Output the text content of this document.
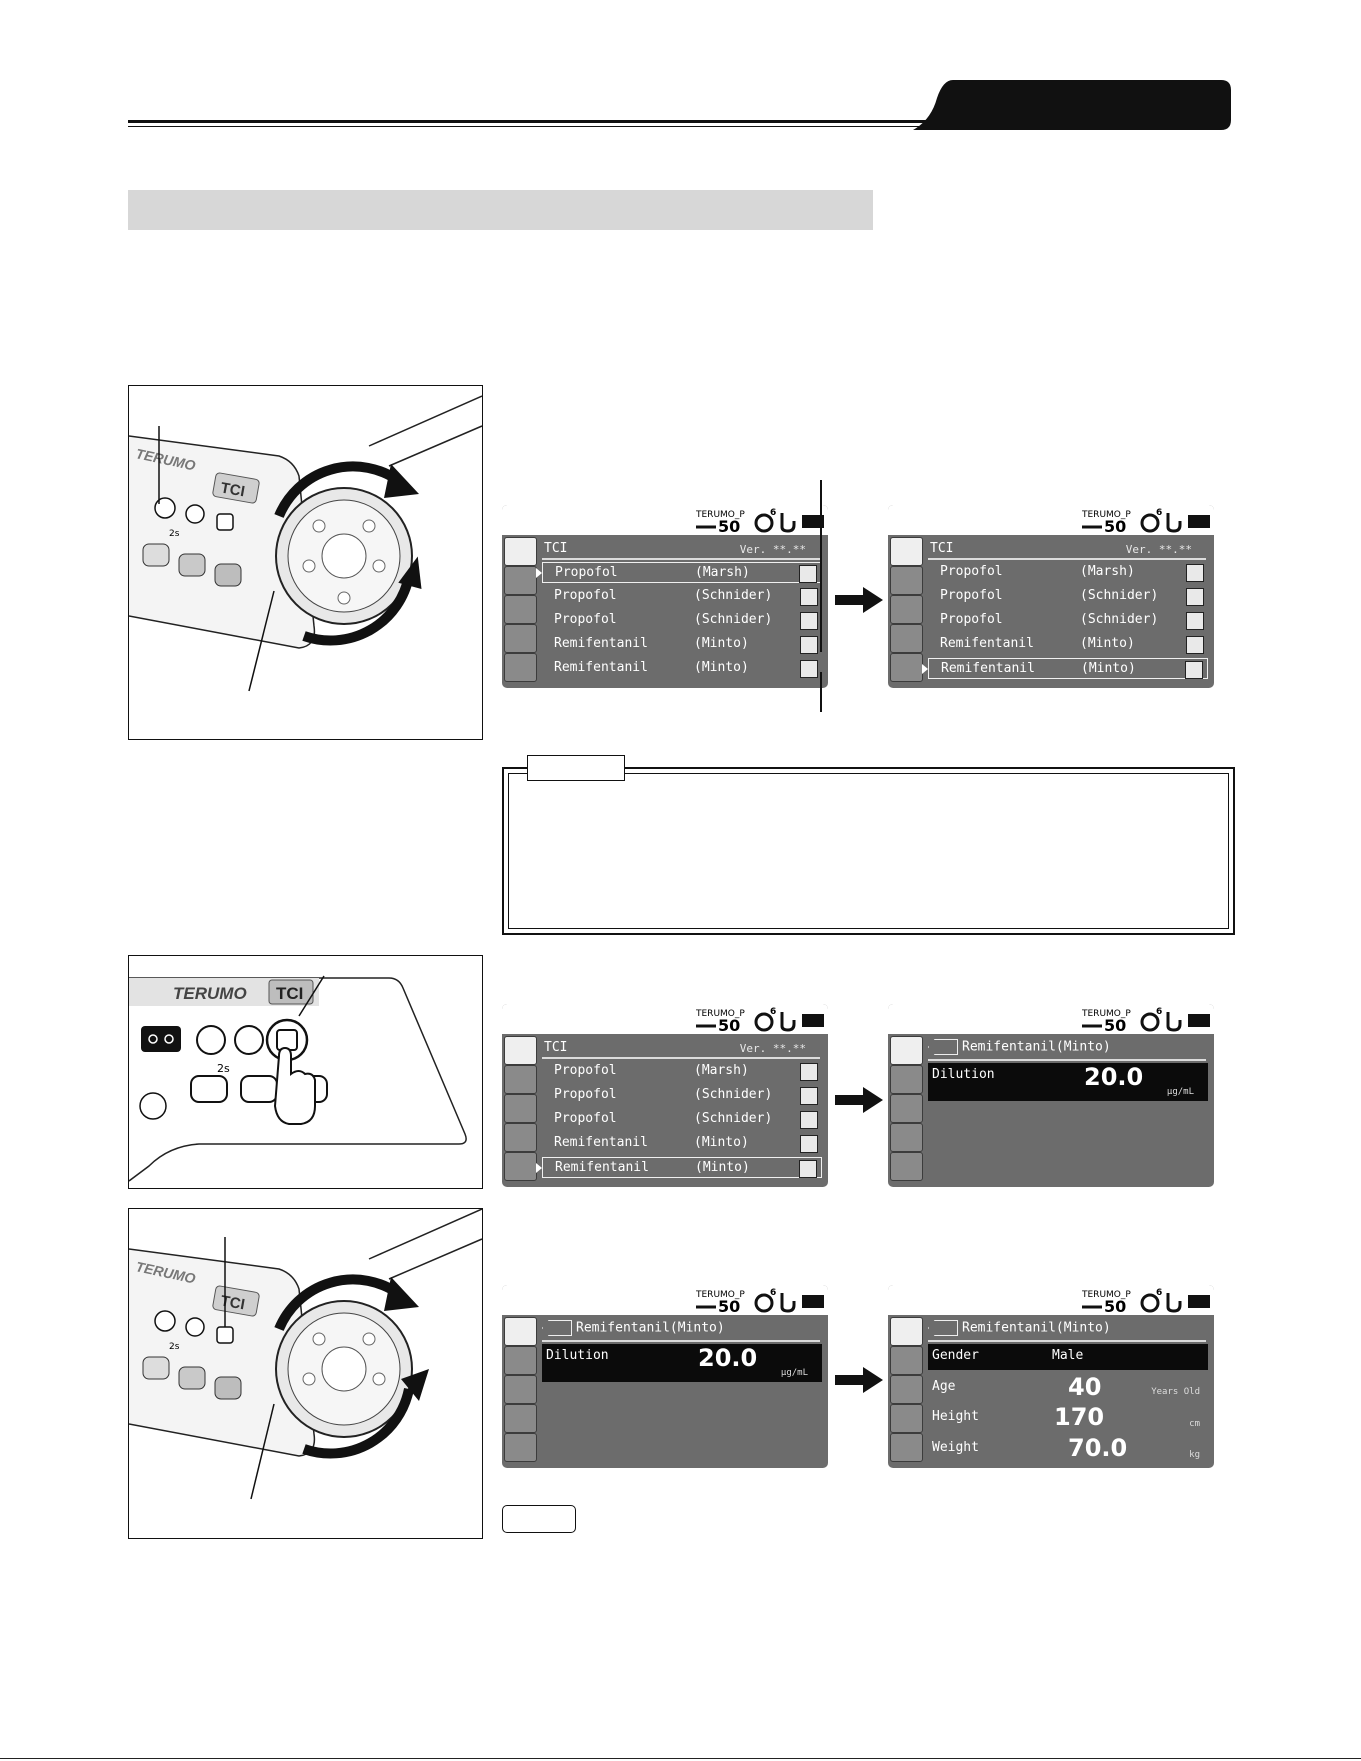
TERUMO
TCI
2s
TERUMO_P
50
6
TCI	Ver. **.**
Propofol	(Marsh)
Propofol	(Schnider)
Propofol	(Schnider)
Remifentanil	(Minto)
Remifentanil	(Minto)
TERUMO_P
50
6
TCI	Ver. **.**
Propofol	(Marsh)
Propofol	(Schnider)
Propofol	(Schnider)
Remifentanil	(Minto)
Remifentanil	(Minto)
TERUMO TCI
2s
TERUMO_P
50
6
TCI	Ver. **.**
Propofol	(Marsh)
Propofol	(Schnider)
Propofol	(Schnider)
Remifentanil	(Minto)
Remifentanil	(Minto)
TERUMO_P
50
6
Remifentanil(Minto)
Dilution	20.0
μg/mL
TERUMO
TCI
2s
TERUMO_P
50
6
Remifentanil(Minto)
Dilution	20.0
μg/mL
TERUMO_P
50
6
Remifentanil(Minto)
Gender	Male
Age	40	Years Old
Height	170	cm
Weight	70.0	kg
